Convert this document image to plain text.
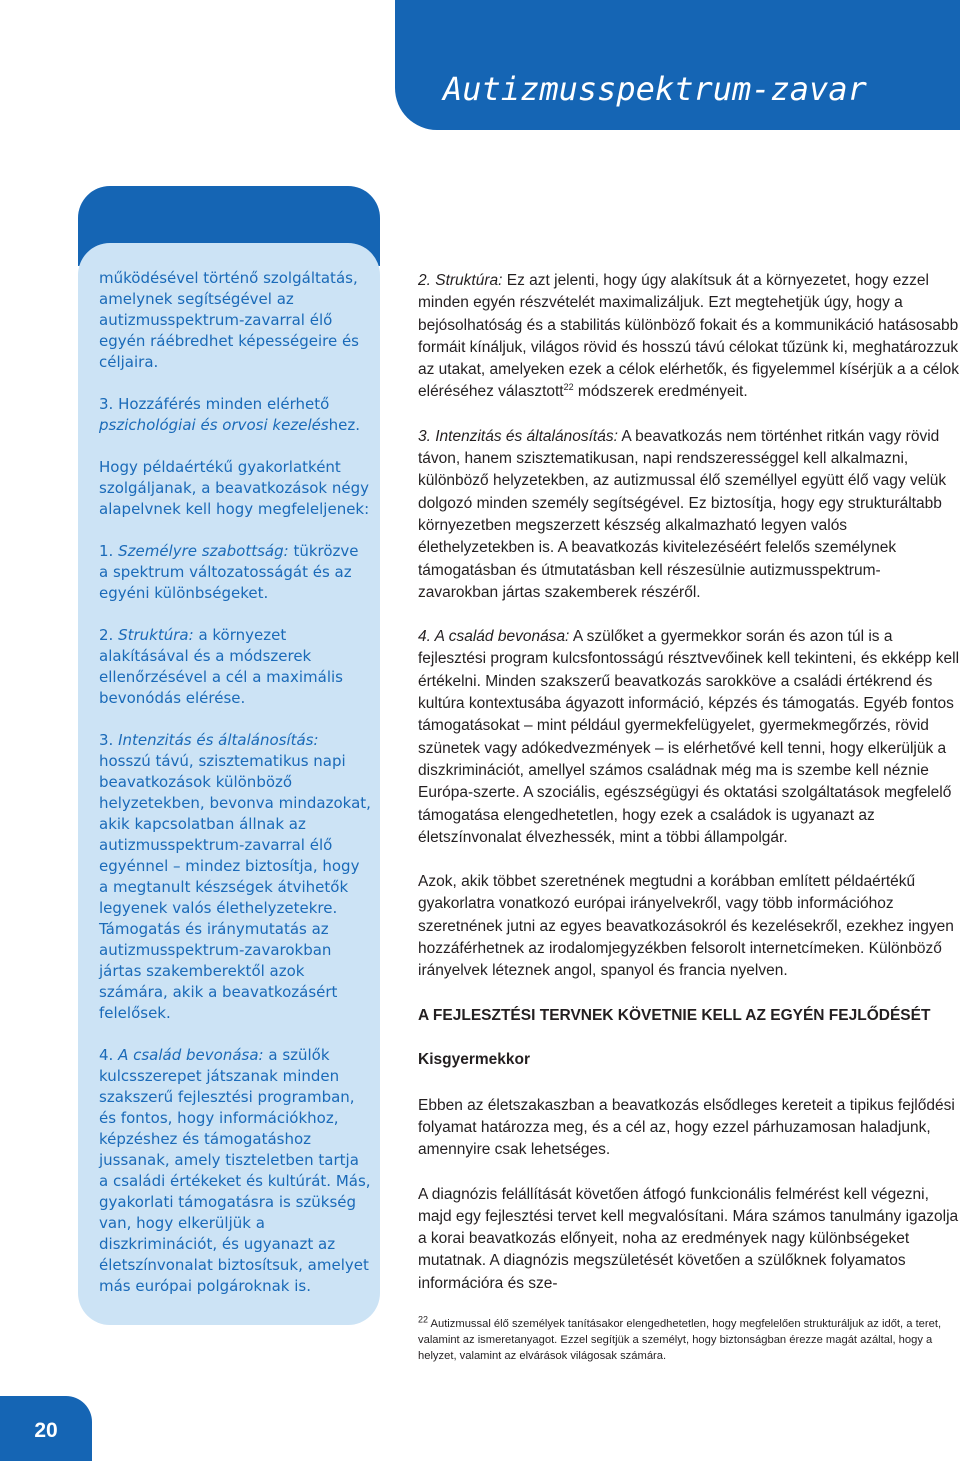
Autizmusspektrum-zavar

működésével történő szolgáltatás, amelynek segítségével az autizmusspektrum-zavarral élő egyén ráébredhet képességeire és céljaira.

3. Hozzáférés minden elérhető pszichológiai és orvosi kezeléshez.

Hogy példaértékű gyakorlatként szolgáljanak, a beavatkozások négy alapelvnek kell hogy megfeleljenek:

1. Személyre szabottság: tükrözve a spektrum változatosságát és az egyéni különbségeket.

2. Struktúra: a környezet alakításával és a módszerek ellenőrzésével a cél a maximális bevonódás elérése.

3. Intenzitás és általánosítás: hosszú távú, szisztematikus napi beavatkozások különböző helyzetekben, bevonva mindazokat, akik kapcsolatban állnak az autizmusspektrum-zavarral élő egyénnel – mindez biztosítja, hogy a megtanult készségek átvihetők legyenek valós élethelyzetekre. Támogatás és iránymutatás az autizmusspektrum-zavarokban jártas szakemberektől azok számára, akik a beavatkozásért felelősek.

4. A család bevonása: a szülők kulcsszerepet játszanak minden szakszerű fejlesztési programban, és fontos, hogy információkhoz, képzéshez és támogatáshoz jussanak, amely tiszteletben tartja a családi értékeket és kultúrát. Más, gyakorlati támogatásra is szükség van, hogy elkerüljük a diszkriminációt, és ugyanazt az életszínvonalat biztosítsuk, amelyet más európai polgároknak is.

2. Struktúra: Ez azt jelenti, hogy úgy alakítsuk át a környezetet, hogy ezzel minden egyén részvételét maximalizáljuk. Ezt megtehetjük úgy, hogy a bejósolhatóság és a stabilitás különböző fokait és a kommunikáció hatásosabb formáit kínáljuk, világos rövid és hosszú távú célokat tűzünk ki, meghatározzuk az utakat, amelyeken ezek a célok elérhetők, és figyelemmel kísérjük a a célok eléréséhez választott$^{22}$ módszerek eredményeit.

3. Intenzitás és általánosítás: A beavatkozás nem történhet ritkán vagy rövid távon, hanem szisztematikusan, napi rendszerességgel kell alkalmazni, különböző helyzetekben, az autizmussal élő személlyel együtt élő vagy velük dolgozó minden személy segítségével. Ez biztosítja, hogy egy strukturáltabb környezetben megszerzett készség alkalmazható legyen valós élethelyzetekben is. A beavatkozás kivitelezéséért felelős személynek támogatásban és útmutatásban kell részesülnie autizmusspektrum-zavarokban jártas szakemberek részéről.

4. A család bevonása: A szülőket a gyermekkor során és azon túl is a fejlesztési program kulcsfontosságú résztvevőinek kell tekinteni, és ekképp kell értékelni. Minden szakszerű beavatkozás sarokköve a családi értékrend és kultúra kontextusába ágyazott információ, képzés és támogatás. Egyéb fontos támogatásokat – mint például gyermekfelügyelet, gyermekmegőrzés, rövid szünetek vagy adókedvezmények – is elérhetővé kell tenni, hogy elkerüljük a diszkriminációt, amellyel számos családnak még ma is szembe kell néznie Európa-szerte. A szociális, egészségügyi és oktatási szolgáltatások megfelelő támogatása elengedhetetlen, hogy ezek a családok is ugyanazt az életszínvonalat élvezhessék, mint a többi állampolgár.

Azok, akik többet szeretnének megtudni a korábban említett példaértékű gyakorlatra vonatkozó európai irányelvekről, vagy több információhoz szeretnének jutni az egyes beavatkozásokról és kezelésekről, ezekhez ingyen hozzáférhetnek az irodalomjegyzékben felsorolt internetcímeken. Különböző irányelvek léteznek angol, spanyol és francia nyelven.

A FEJLESZTÉSI TERVNEK KÖVETNIE KELL AZ EGYÉN FEJLŐDÉSÉT
Kisgyermekkor

Ebben az életszakaszban a beavatkozás elsődleges kereteit a tipikus fejlődési folyamat határozza meg, és a cél az, hogy ezzel párhuzamosan haladjunk, amennyire csak lehetséges.

A diagnózis felállítását követően átfogó funkcionális felmérést kell végezni, majd egy fejlesztési tervet kell megvalósítani. Mára számos tanulmány igazolja a korai beavatkozás előnyeit, noha az eredmények nagy különbségeket mutatnak. A diagnózis megszületését követően a szülőknek folyamatos információra és sze-

$^{22}$ Autizmussal élő személyek tanításakor elengedhetetlen, hogy megfelelően strukturáljuk az időt, a teret, valamint az ismeretanyagot. Ezzel segítjük a személyt, hogy biztonságban érezze magát azáltal, hogy a helyzet, valamint az elvárások világosak számára.
20
